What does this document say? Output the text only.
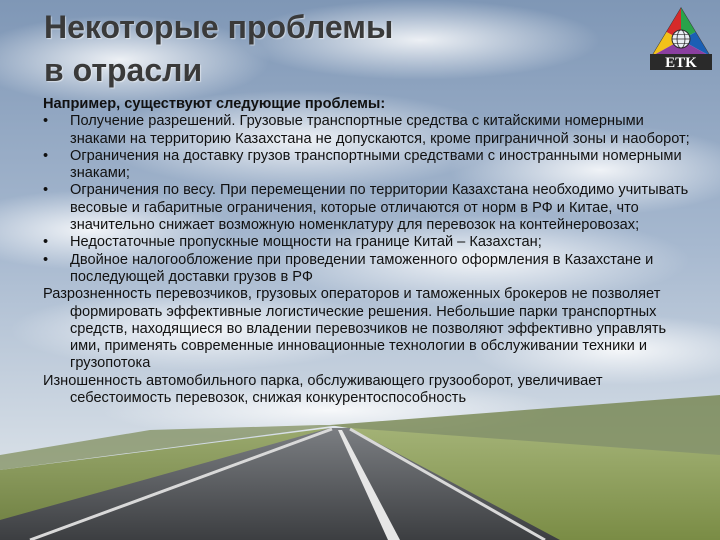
Некоторые проблемы
в отрасли	ETK

Например, существуют следующие проблемы:

• Получение разрешений. Грузовые транспортные средства с китайскими номерными знаками на территорию Казахстана не допускаются, кроме приграничной зоны и наоборот;

• Ограничения на доставку грузов транспортными средствами с иностранными номерными знаками;

• Ограничения по весу. При перемещении по территории Казахстана необходимо учитывать весовые и габаритные ограничения, которые отличаются от норм в РФ и Китае, что значительно снижает возможную номенклатуру для перевозок на контейнеровозах;

• Недостаточные пропускные мощности на границе Китай – Казахстан;

• Двойное налогообложение при проведении таможенного оформления в Казахстане и последующей доставки грузов в РФ

Разрозненность перевозчиков, грузовых операторов и таможенных брокеров не позволяет формировать эффективные логистические решения. Небольшие парки транспортных средств, находящиеся во владении перевозчиков не позволяют эффективно управлять ими, применять современные инновационные технологии в обслуживании техники и грузопотока

Изношенность автомобильного парка, обслуживающего грузооборот, увеличивает себестоимость перевозок, снижая конкурентоспособность
